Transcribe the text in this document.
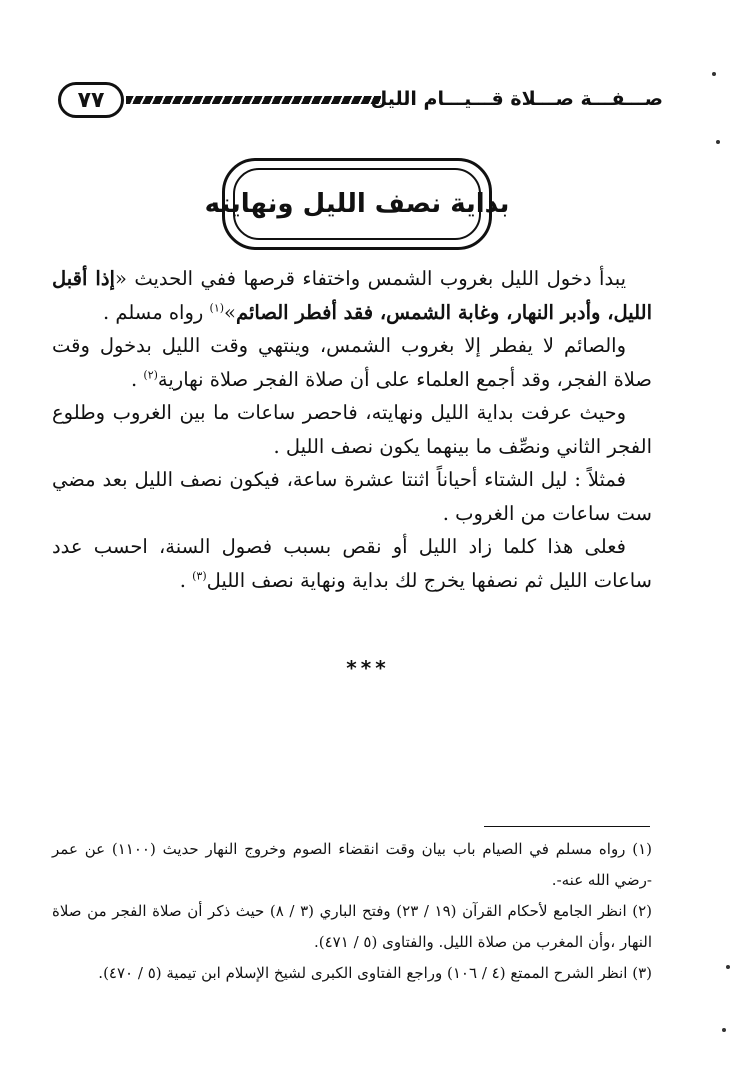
٧٧	صـــفـــة صـــلاة قـــيـــام الليل
بداية نصف الليل ونهايته

يبدأ دخول الليل بغروب الشمس واختفاء قرصها ففي الحديث «إذا أقبل الليل، وأدبر النهار، وغابة الشمس، فقد أفطر الصائم»$^{(١)}$ رواه مسلم .

والصائم لا يفطر إلا بغروب الشمس، وينتهي وقت الليل بدخول وقت صلاة الفجر، وقد أجمع العلماء على أن صلاة الفجر صلاة نهارية$^{(٢)}$ .

وحيث عرفت بداية الليل ونهايته، فاحصر ساعات ما بين الغروب وطلوع الفجر الثاني ونصِّف ما بينهما يكون نصف الليل .

فمثلاً : ليل الشتاء أحياناً اثنتا عشرة ساعة، فيكون نصف الليل بعد مضي ست ساعات من الغروب .

فعلى هذا كلما زاد الليل أو نقص بسبب فصول السنة، احسب عدد ساعات الليل ثم نصفها يخرج لك بداية ونهاية نصف الليل$^{(٣)}$ .

***

(١) رواه مسلم في الصيام باب بيان وقت انقضاء الصوم وخروج النهار حديث (١١٠٠) عن عمر -رضي الله عنه-.

(٢) انظر الجامع لأحكام القرآن (١٩ / ٢٣) وفتح الباري (٣ / ٨) حيث ذكر أن صلاة الفجر من صلاة النهار ،وأن المغرب من صلاة الليل. والفتاوى (٥ / ٤٧١).

(٣) انظر الشرح الممتع (٤ / ١٠٦) وراجع الفتاوى الكبرى لشيخ الإسلام ابن تيمية (٥ / ٤٧٠).
